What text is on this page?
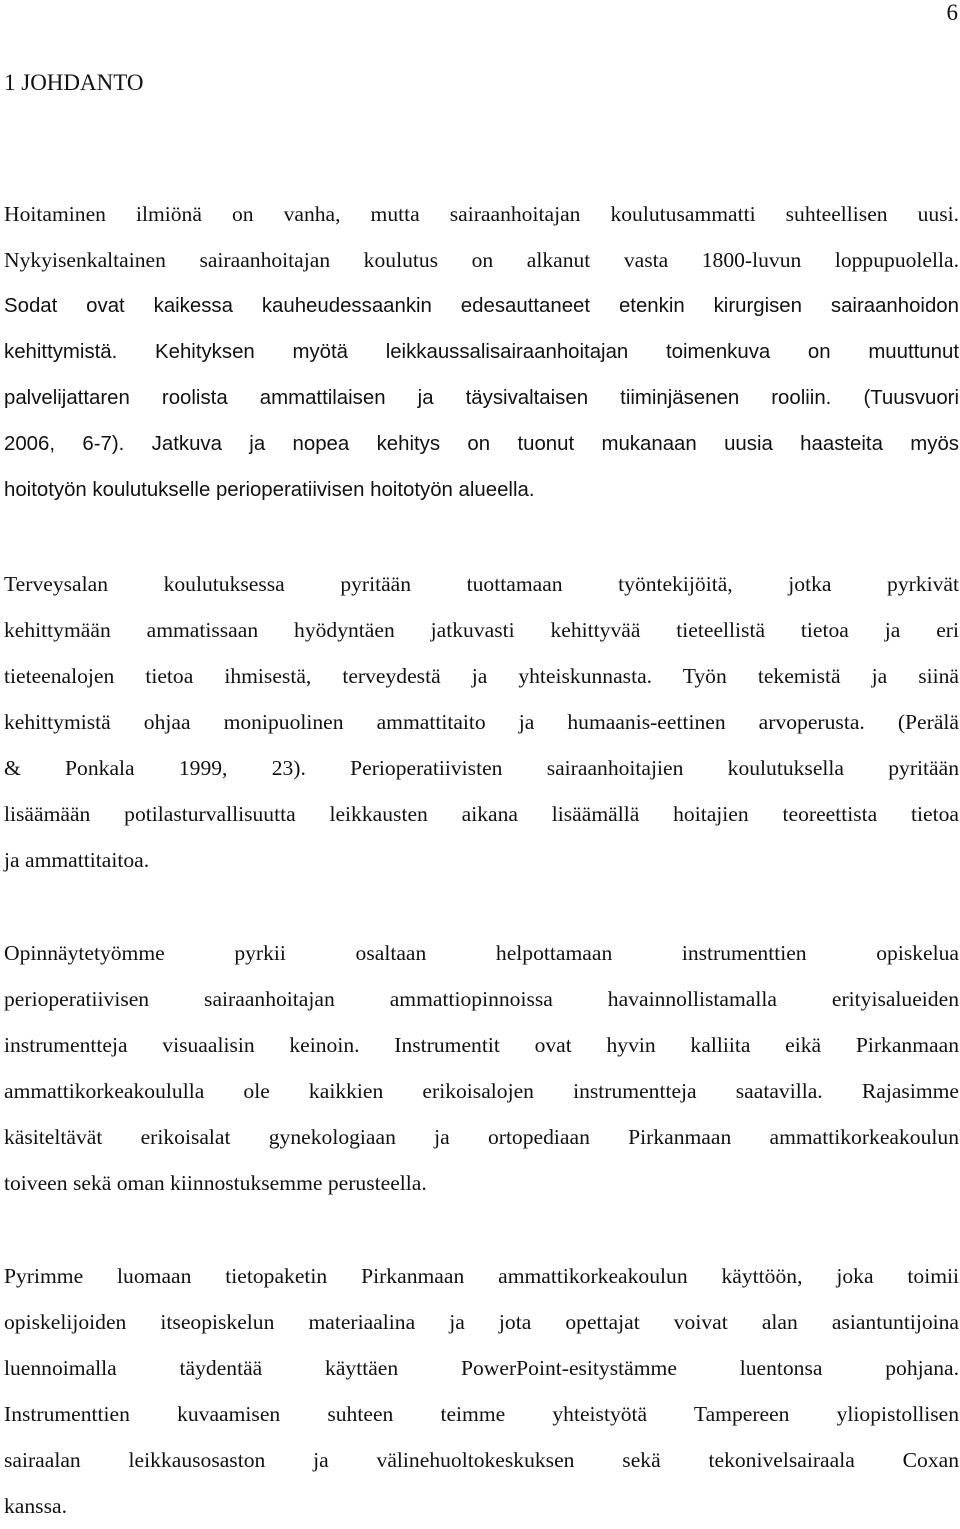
6
1 JOHDANTO

Hoitaminen ilmiönä on vanha, mutta sairaanhoitajan koulutusammatti suhteellisen uusi.
Nykyisenkaltainen sairaanhoitajan koulutus on alkanut vasta 1800-luvun loppupuolella.
Sodat ovat kaikessa kauheudessaankin edesauttaneet etenkin kirurgisen sairaanhoidon
kehittymistä. Kehityksen myötä leikkaussalisairaanhoitajan toimenkuva on muuttunut
palvelijattaren roolista ammattilaisen ja täysivaltaisen tiiminjäsenen rooliin. (Tuusvuori
2006, 6-7). Jatkuva ja nopea kehitys on tuonut mukanaan uusia haasteita myös
hoitotyön koulutukselle perioperatiivisen hoitotyön alueella.

Terveysalan koulutuksessa pyritään tuottamaan työntekijöitä, jotka pyrkivät
kehittymään ammatissaan hyödyntäen jatkuvasti kehittyvää tieteellistä tietoa ja eri
tieteenalojen tietoa ihmisestä, terveydestä ja yhteiskunnasta. Työn tekemistä ja siinä
kehittymistä ohjaa monipuolinen ammattitaito ja humaanis-eettinen arvoperusta. (Perälä
& Ponkala 1999, 23). Perioperatiivisten sairaanhoitajien koulutuksella pyritään
lisäämään potilasturvallisuutta leikkausten aikana lisäämällä hoitajien teoreettista tietoa
ja ammattitaitoa.

Opinnäytetyömme pyrkii osaltaan helpottamaan instrumenttien opiskelua
perioperatiivisen sairaanhoitajan ammattiopinnoissa havainnollistamalla erityisalueiden
instrumentteja visuaalisin keinoin. Instrumentit ovat hyvin kalliita eikä Pirkanmaan
ammattikorkeakoululla ole kaikkien erikoisalojen instrumentteja saatavilla. Rajasimme
käsiteltävät erikoisalat gynekologiaan ja ortopediaan Pirkanmaan ammattikorkeakoulun
toiveen sekä oman kiinnostuksemme perusteella.

Pyrimme luomaan tietopaketin Pirkanmaan ammattikorkeakoulun käyttöön, joka toimii
opiskelijoiden itseopiskelun materiaalina ja jota opettajat voivat alan asiantuntijoina
luennoimalla täydentää käyttäen PowerPoint-esitystämme luentonsa pohjana.
Instrumenttien kuvaamisen suhteen teimme yhteistyötä Tampereen yliopistollisen
sairaalan leikkausosaston ja välinehuoltokeskuksen sekä tekonivelsairaala Coxan
kanssa.
